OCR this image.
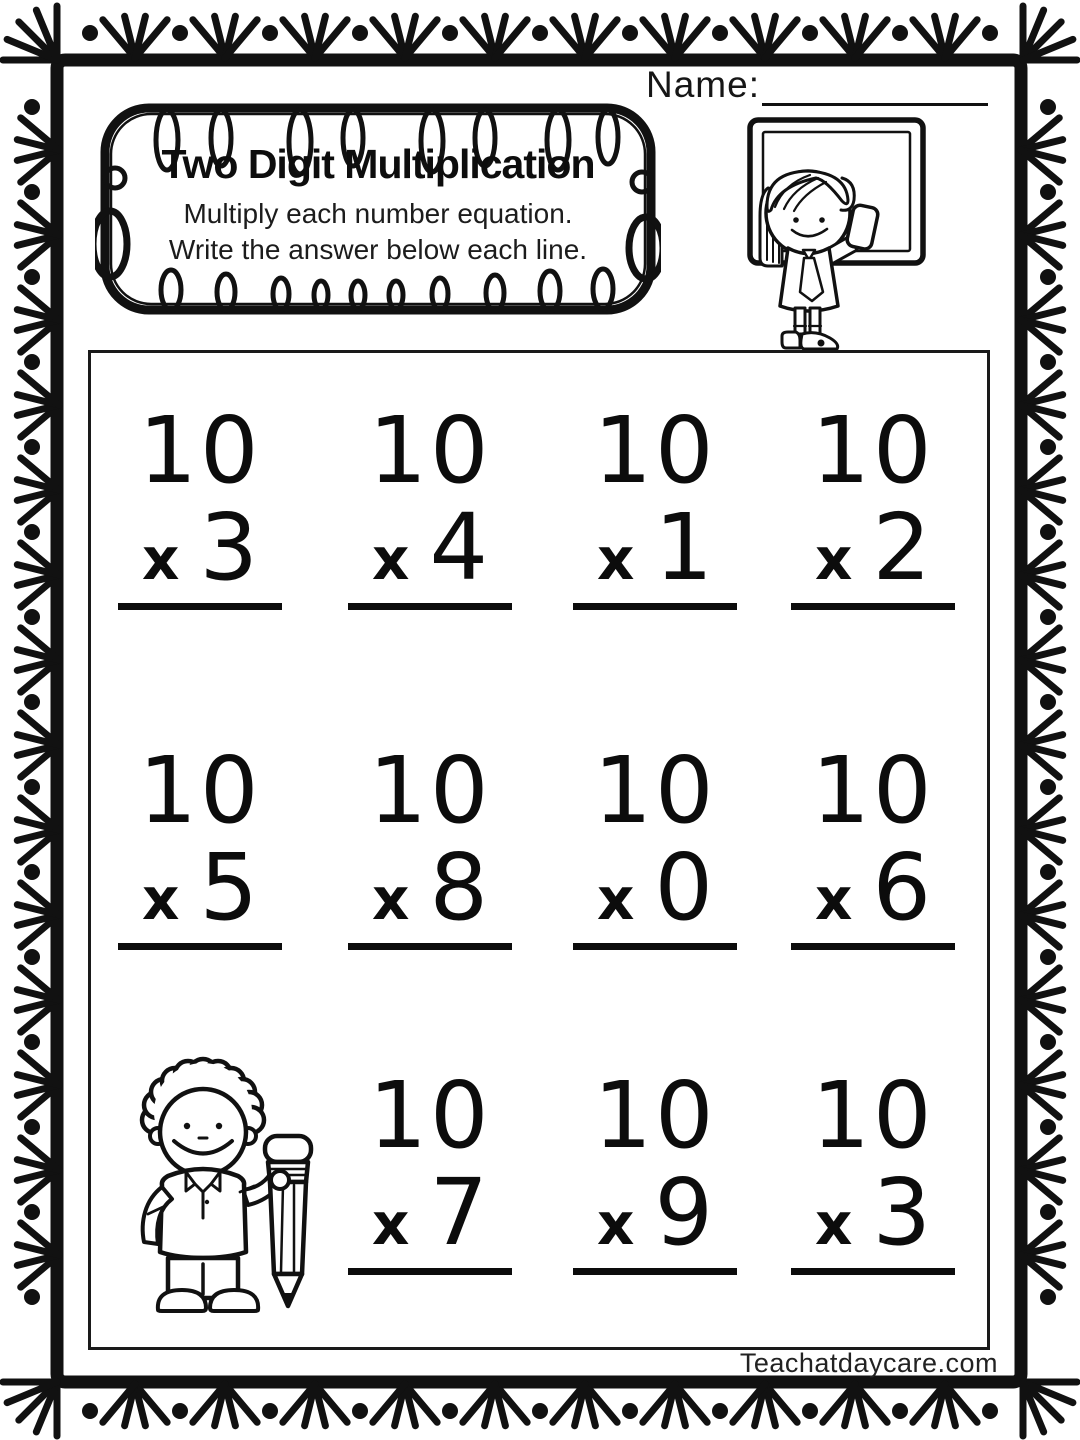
Two Digit Multiplication
Multiply each number equation.
Write the answer below each line.
Name:
10
x 3
10
x 4
10
x 1
10
x 2
10
x 5
10
x 8
10
x 0
10
x 6
10
x 7
10
x 9
10
x 3
Teachatdaycare.com
